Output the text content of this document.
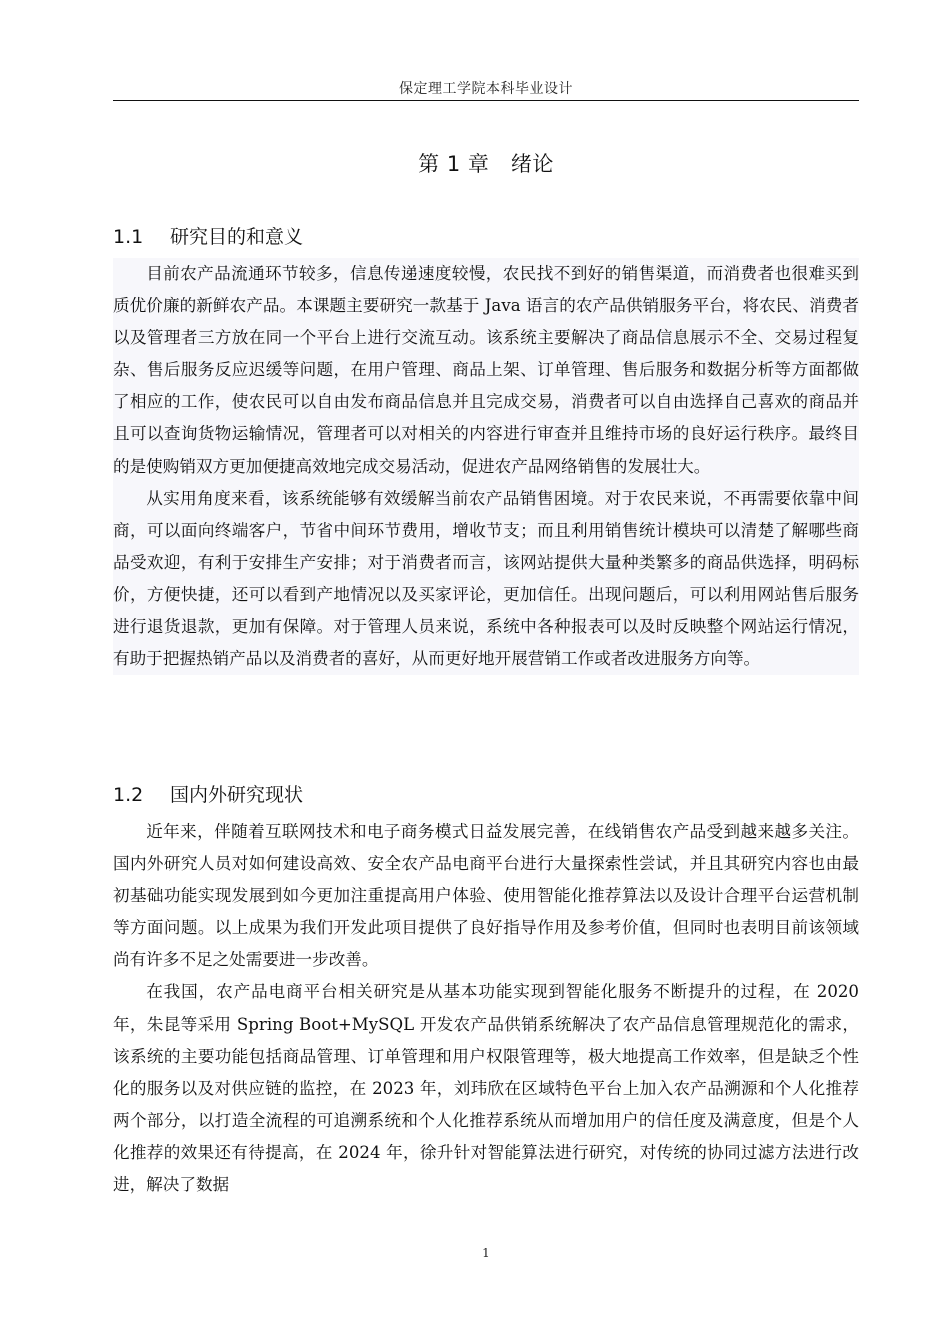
保定理工学院本科毕业设计
第 1 章　绪论
1.1 研究目的和意义

目前农产品流通环节较多，信息传递速度较慢，农民找不到好的销售渠道，而消费者也很难买到质优价廉的新鲜农产品。本课题主要研究一款基于 Java 语言的农产品供销服务平台，将农民、消费者以及管理者三方放在同一个平台上进行交流互动。该系统主要解决了商品信息展示不全、交易过程复杂、售后服务反应迟缓等问题，在用户管理、商品上架、订单管理、售后服务和数据分析等方面都做了相应的工作，使农民可以自由发布商品信息并且完成交易，消费者可以自由选择自己喜欢的商品并且可以查询货物运输情况，管理者可以对相关的内容进行审查并且维持市场的良好运行秩序。最终目的是使购销双方更加便捷高效地完成交易活动，促进农产品网络销售的发展壮大。

从实用角度来看，该系统能够有效缓解当前农产品销售困境。对于农民来说，不再需要依靠中间商，可以面向终端客户，节省中间环节费用，增收节支；而且利用销售统计模块可以清楚了解哪些商品受欢迎，有利于安排生产安排；对于消费者而言，该网站提供大量种类繁多的商品供选择，明码标价，方便快捷，还可以看到产地情况以及买家评论，更加信任。出现问题后，可以利用网站售后服务进行退货退款，更加有保障。对于管理人员来说，系统中各种报表可以及时反映整个网站运行情况，有助于把握热销产品以及消费者的喜好，从而更好地开展营销工作或者改进服务方向等。

1.2 国内外研究现状

近年来，伴随着互联网技术和电子商务模式日益发展完善，在线销售农产品受到越来越多关注。国内外研究人员对如何建设高效、安全农产品电商平台进行大量探索性尝试，并且其研究内容也由最初基础功能实现发展到如今更加注重提高用户体验、使用智能化推荐算法以及设计合理平台运营机制等方面问题。以上成果为我们开发此项目提供了良好指导作用及参考价值，但同时也表明目前该领域尚有许多不足之处需要进一步改善。

在我国，农产品电商平台相关研究是从基本功能实现到智能化服务不断提升的过程，在 2020 年，朱昆等采用 Spring Boot+MySQL 开发农产品供销系统解决了农产品信息管理规范化的需求，该系统的主要功能包括商品管理、订单管理和用户权限管理等，极大地提高工作效率，但是缺乏个性化的服务以及对供应链的监控，在 2023 年，刘玮欣在区域特色平台上加入农产品溯源和个人化推荐两个部分，以打造全流程的可追溯系统和个人化推荐系统从而增加用户的信任度及满意度，但是个人化推荐的效果还有待提高，在 2024 年，徐升针对智能算法进行研究，对传统的协同过滤方法进行改进，解决了数据

1
